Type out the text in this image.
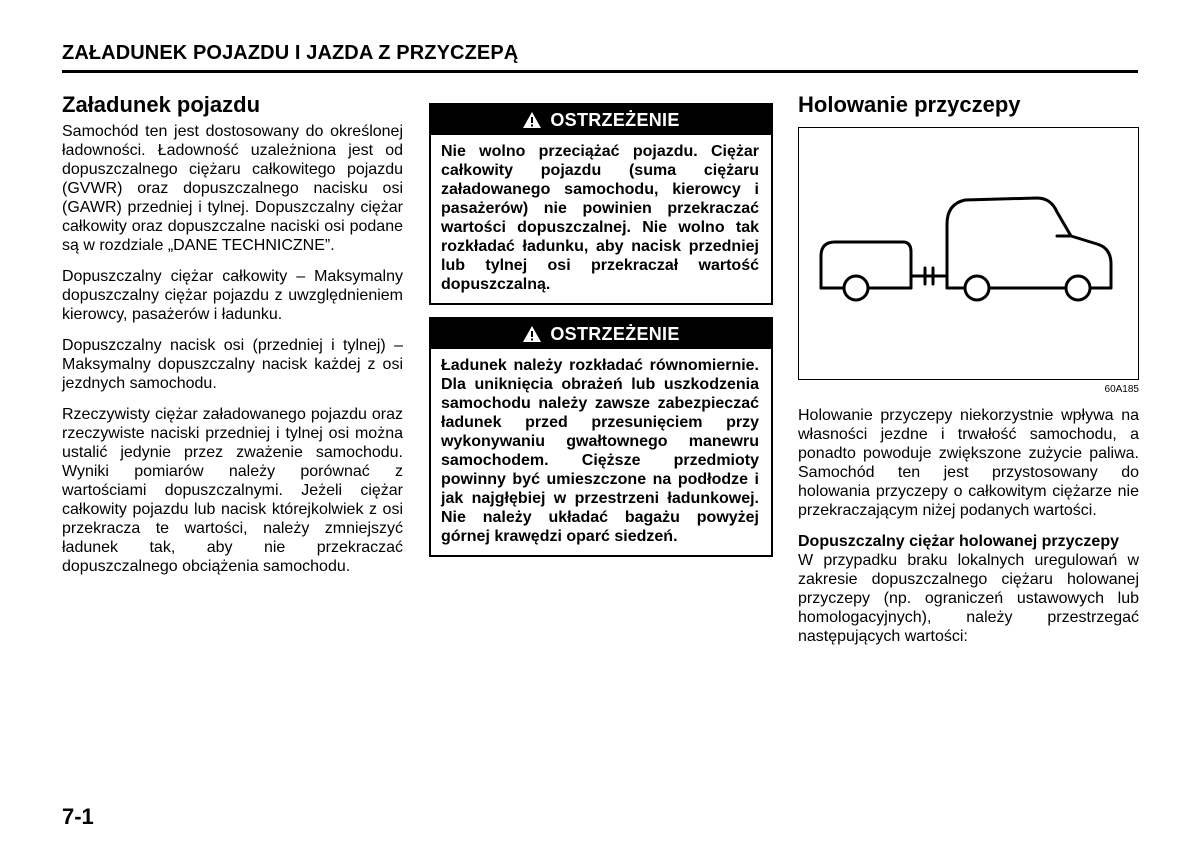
ZAŁADUNEK POJAZDU I JAZDA Z PRZYCZEPĄ
Załadunek pojazdu

Samochód ten jest dostosowany do określonej ładowności. Ładowność uzależniona jest od dopuszczalnego ciężaru całkowitego pojazdu (GVWR) oraz dopuszczalnego nacisku osi (GAWR) przedniej i tylnej. Dopuszczalny ciężar całkowity oraz dopuszczalne naciski osi podane są w rozdziale „DANE TECHNICZNE”.

Dopuszczalny ciężar całkowity – Maksymalny dopuszczalny ciężar pojazdu z uwzględnieniem kierowcy, pasażerów i ładunku.

Dopuszczalny nacisk osi (przedniej i tylnej) – Maksymalny dopuszczalny nacisk każdej z osi jezdnych samochodu.

Rzeczywisty ciężar załadowanego pojazdu oraz rzeczywiste naciski przedniej i tylnej osi można ustalić jedynie przez zważenie samochodu. Wyniki pomiarów należy porównać z wartościami dopuszczalnymi. Jeżeli ciężar całkowity pojazdu lub nacisk którejkolwiek z osi przekracza te wartości, należy zmniejszyć ładunek tak, aby nie przekraczać dopuszczalnego obciążenia samochodu.

OSTRZEŻENIE
Nie wolno przeciążać pojazdu. Ciężar całkowity pojazdu (suma ciężaru załadowanego samochodu, kierowcy i pasażerów) nie powinien przekraczać wartości dopuszczalnej. Nie wolno tak rozkładać ładunku, aby nacisk przedniej lub tylnej osi przekraczał wartość dopuszczalną.
OSTRZEŻENIE
Ładunek należy rozkładać równomiernie. Dla uniknięcia obrażeń lub uszkodzenia samochodu należy zawsze zabezpieczać ładunek przed przesunięciem przy wykonywaniu gwałtownego manewru samochodem. Cięższe przedmioty powinny być umieszczone na podłodze i jak najgłębiej w przestrzeni ładunkowej. Nie należy układać bagażu powyżej górnej krawędzi oparć siedzeń.
Holowanie przyczepy
60A185

Holowanie przyczepy niekorzystnie wpływa na własności jezdne i trwałość samochodu, a ponadto powoduje zwiększone zużycie paliwa. Samochód ten jest przystosowany do holowania przyczepy o całkowitym ciężarze nie przekraczającym niżej podanych wartości.

Dopuszczalny ciężar holowanej przyczepy

W przypadku braku lokalnych uregulowań w zakresie dopuszczalnego ciężaru holowanej przyczepy (np. ograniczeń ustawowych lub homologacyjnych), należy przestrzegać następujących wartości:

7-1
